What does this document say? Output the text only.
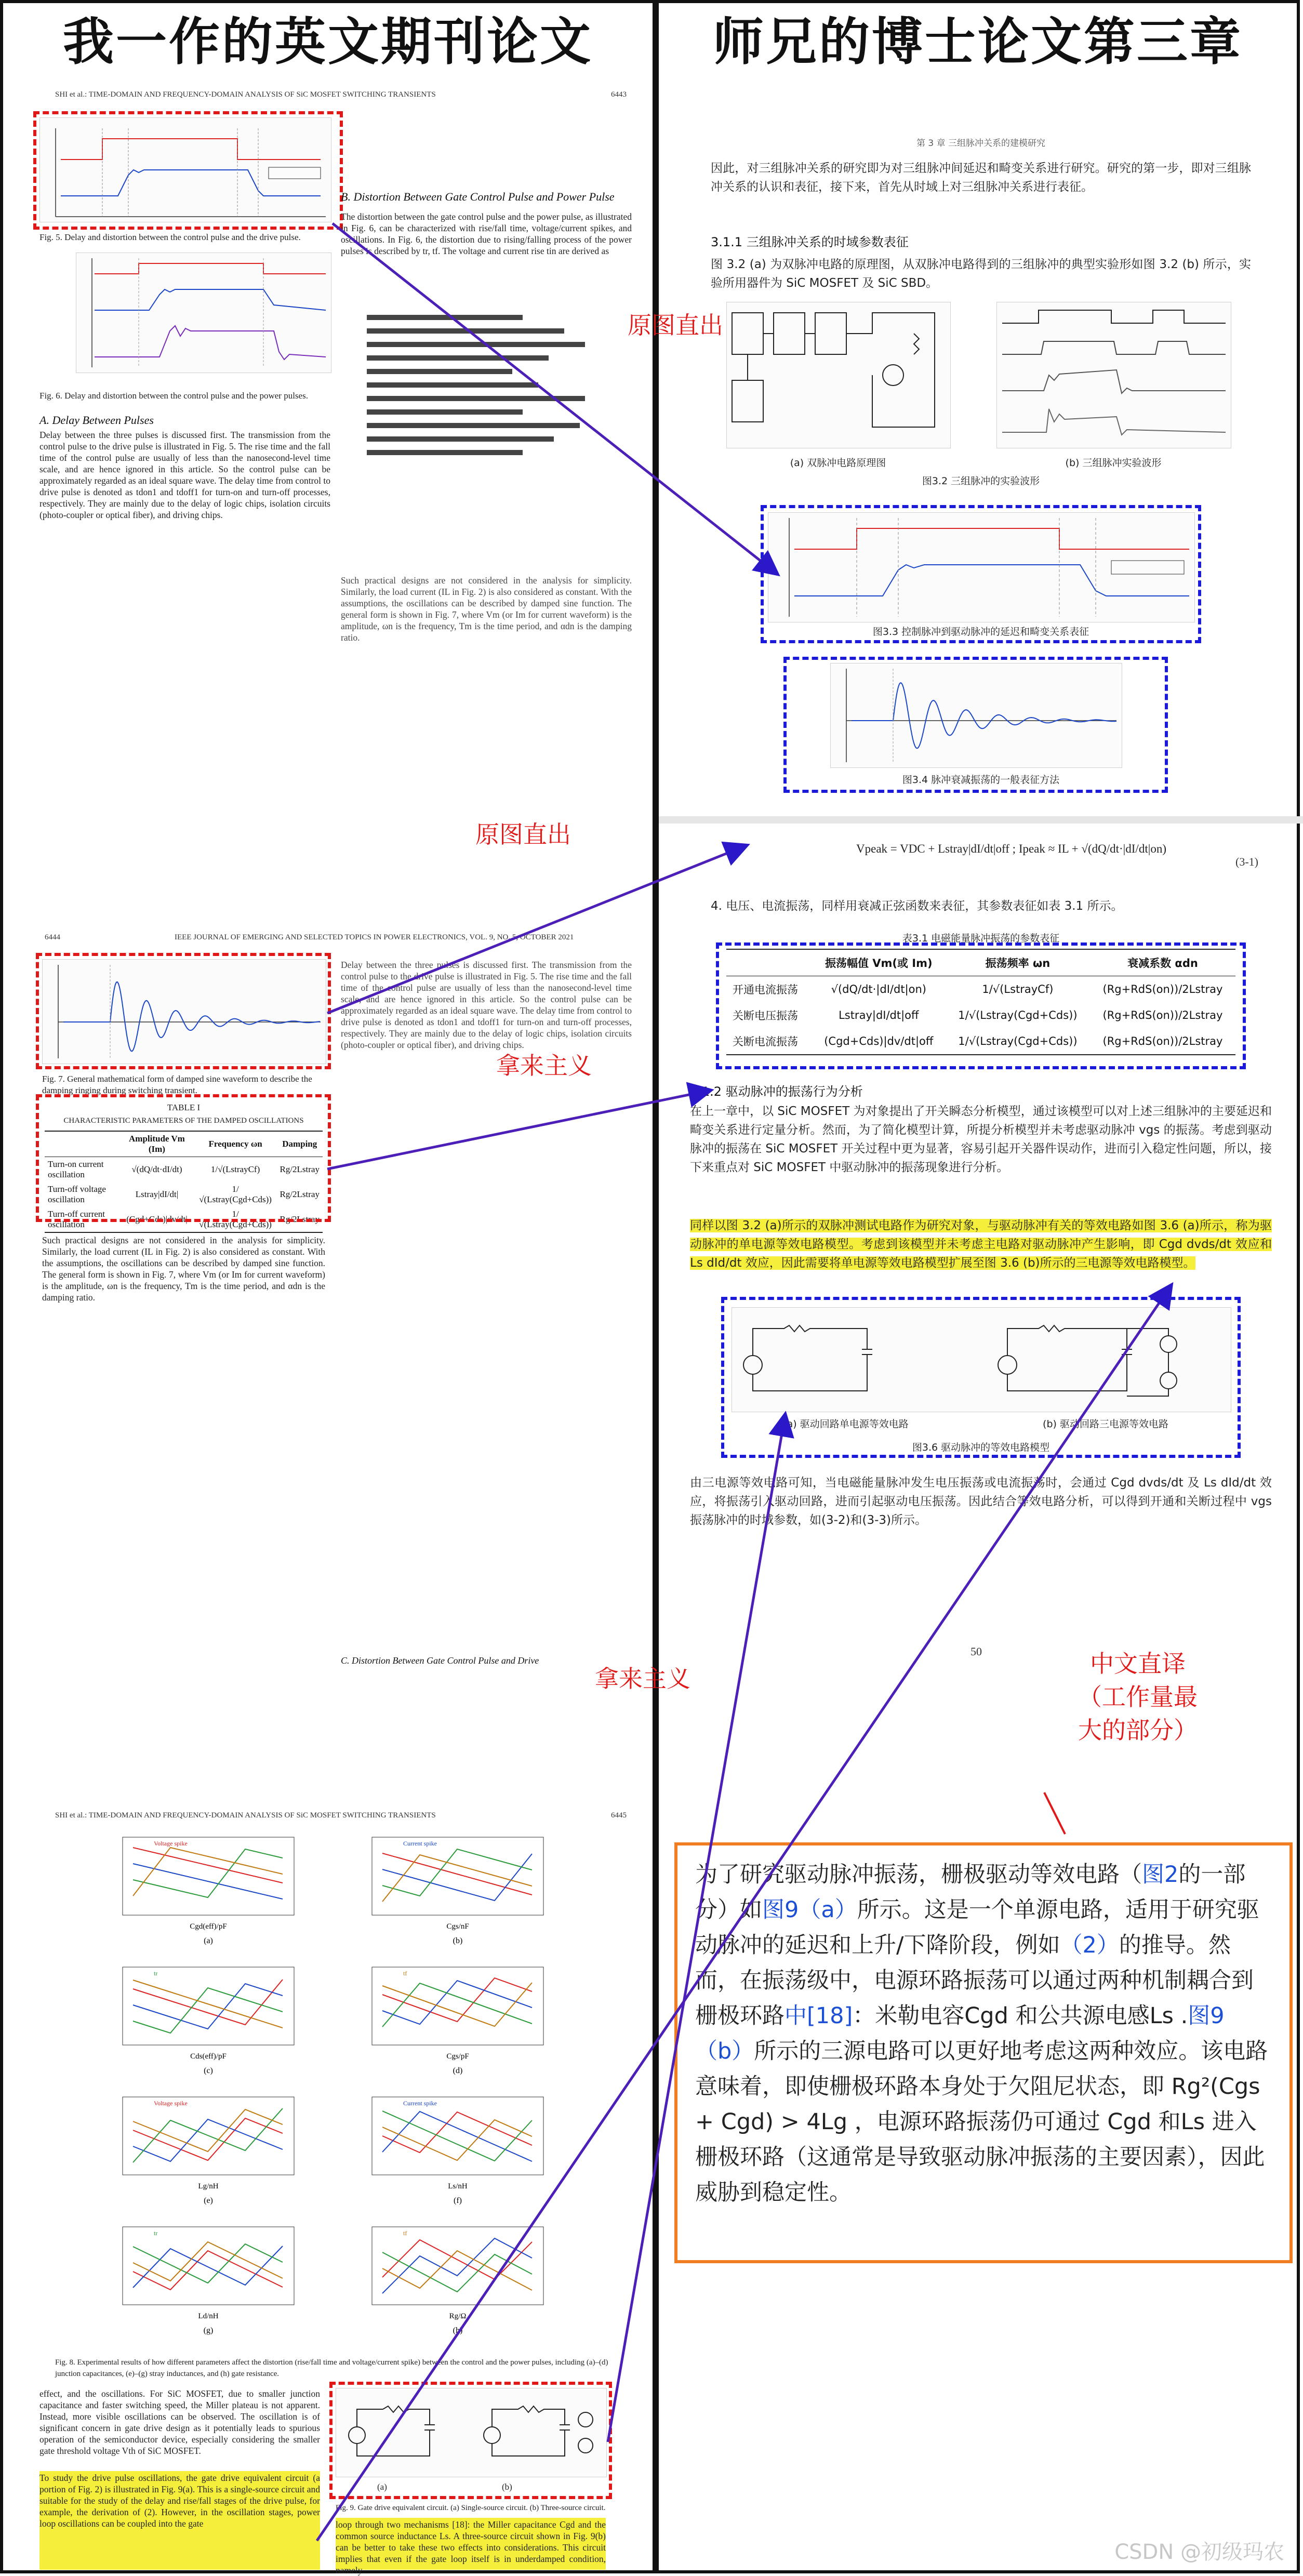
我一作的英文期刊论文
SHI et al.: TIME-DOMAIN AND FREQUENCY-DOMAIN ANALYSIS OF SiC MOSFET SWITCHING TRANSIENTS	6443
Fig. 5. Delay and distortion between the control pulse and the drive pulse.
Fig. 6. Delay and distortion between the control pulse and the power pulses.
A. Delay Between Pulses
Delay between the three pulses is discussed first. The transmission from the control pulse to the drive pulse is illustrated in Fig. 5. The rise time and the fall time of the control pulse are usually of less than the nanosecond-level time scale, and are hence ignored in this article. So the control pulse can be approximately regarded as an ideal square wave. The delay time from control to drive pulse is denoted as tdon1 and tdoff1 for turn-on and turn-off processes, respectively. They are mainly due to the delay of logic chips, isolation circuits (photo-coupler or optical fiber), and driving chips.
B. Distortion Between Gate Control Pulse and Power Pulse
The distortion between the gate control pulse and the power pulse, as illustrated in Fig. 6, can be characterized with rise/fall time, voltage/current spikes, and oscillations. In Fig. 6, the distortion due to rising/falling process of the power pulses is described by tr, tf. The voltage and current rise tin are derived as
Such practical designs are not considered in the analysis for simplicity. Similarly, the load current (IL in Fig. 2) is also considered as constant. With the assumptions, the oscillations can be described by damped sine function. The general form is shown in Fig. 7, where Vm (or Im for current waveform) is the amplitude, ωn is the frequency, Tm is the time period, and αdn is the damping ratio.
6444	IEEE JOURNAL OF EMERGING AND SELECTED TOPICS IN POWER ELECTRONICS, VOL. 9, NO. 5, OCTOBER 2021
Fig. 7. General mathematical form of damped sine waveform to describe the damping ringing during switching transient.
TABLE I
CHARACTERISTIC PARAMETERS OF THE DAMPED OSCILLATIONS
	Amplitude Vm (Im)	Frequency ωn	Damping
Turn-on current oscillation	√(dQ/dt·dI/dt)	1/√(LstrayCf)	Rg/2Lstray
Turn-off voltage oscillation	Lstray|dI/dt|	1/√(Lstray(Cgd+Cds))	Rg/2Lstray
Turn-off current oscillation	(Cgd+Cds)|dv/dt|	1/√(Lstray(Cgd+Cds))	Rg/2Lstray
Such practical designs are not considered in the analysis for simplicity. Similarly, the load current (IL in Fig. 2) is also considered as constant. With the assumptions, the oscillations can be described by damped sine function. The general form is shown in Fig. 7, where Vm (or Im for current waveform) is the amplitude, ωn is the frequency, Tm is the time period, and αdn is the damping ratio.
Delay between the three pulses is discussed first. The transmission from the control pulse to the drive pulse is illustrated in Fig. 5. The rise time and the fall time of the control pulse are usually of less than the nanosecond-level time scale, and are hence ignored in this article. So the control pulse can be approximately regarded as an ideal square wave. The delay time from control to drive pulse is denoted as tdon1 and tdoff1 for turn-on and turn-off processes, respectively. They are mainly due to the delay of logic chips, isolation circuits (photo-coupler or optical fiber), and driving chips.
C. Distortion Between Gate Control Pulse and Drive
SHI et al.: TIME-DOMAIN AND FREQUENCY-DOMAIN ANALYSIS OF SiC MOSFET SWITCHING TRANSIENTS	6445
Cgd(eff)/pF
(a)
Voltage spike
Cgs/nF
(b)
Current spike
Cds(eff)/pF
(c)
tr
Cgs/pF
(d)
tf
Lg/nH
(e)
Voltage spike
Ls/nH
(f)
Current spike
Ld/nH
(g)
tr
Rg/Ω
(h)
tf
Fig. 8. Experimental results of how different parameters affect the distortion (rise/fall time and voltage/current spike) between the control and the power pulses, including (a)–(d) junction capacitances, (e)–(g) stray inductances, and (h) gate resistance.
effect, and the oscillations. For SiC MOSFET, due to smaller junction capacitance and faster switching speed, the Miller plateau is not apparent. Instead, more visible oscillations can be observed. The oscillation is of significant concern in gate drive design as it potentially leads to spurious operation of the semiconductor device, especially considering the smaller gate threshold voltage Vth of SiC MOSFET.
To study the drive pulse oscillations, the gate drive equivalent circuit (a portion of Fig. 2) is illustrated in Fig. 9(a). This is a single-source circuit and suitable for the study of the delay and rise/fall stages of the drive pulse, for example, the derivation of (2). However, in the oscillation stages, power loop oscillations can be coupled into the gate
(a)	(b)
Fig. 9. Gate drive equivalent circuit. (a) Single-source circuit. (b) Three-source circuit.
loop through two mechanisms [18]: the Miller capacitance Cgd and the common source inductance Ls. A three-source circuit shown in Fig. 9(b) can be better to take these two effects into considerations. This circuit implies that even if the gate loop itself is in underdamped condition, namely
师兄的博士论文第三章
第 3 章 三组脉冲关系的建模研究
因此，对三组脉冲关系的研究即为对三组脉冲间延迟和畸变关系进行研究。研究的第一步，即对三组脉冲关系的认识和表征，接下来，首先从时域上对三组脉冲关系进行表征。
3.1.1 三组脉冲关系的时域参数表征
图 3.2 (a) 为双脉冲电路的原理图，从双脉冲电路得到的三组脉冲的典型实验形如图 3.2 (b) 所示，实验所用器件为 SiC MOSFET 及 SiC SBD。
(a) 双脉冲电路原理图	(b) 三组脉冲实验波形
图3.2 三组脉冲的实验波形
图3.3 控制脉冲到驱动脉冲的延迟和畸变关系表征
图3.4 脉冲衰减振荡的一般表征方法
Vpeak = VDC + Lstray|dI/dt|off ; Ipeak ≈ IL + √(dQ/dt·|dI/dt|on)
(3-1)
4. 电压、电流振荡，同样用衰减正弦函数来表征，其参数表征如表 3.1 所示。
表3.1 电磁能量脉冲振荡的参数表征
	振荡幅值 Vm(或 Im)	振荡频率 ωn	衰减系数 αdn
开通电流振荡	√(dQ/dt·|dI/dt|on)	1/√(LstrayCf)	(Rg+RdS(on))/2Lstray
关断电压振荡	Lstray|dI/dt|off	1/√(Lstray(Cgd+Cds))	(Rg+RdS(on))/2Lstray
关断电流振荡	(Cgd+Cds)|dv/dt|off	1/√(Lstray(Cgd+Cds))	(Rg+RdS(on))/2Lstray
3.1.2 驱动脉冲的振荡行为分析
在上一章中，以 SiC MOSFET 为对象提出了开关瞬态分析模型，通过该模型可以对上述三组脉冲的主要延迟和畸变关系进行定量分析。然而，为了简化模型计算，所提分析模型并未考虑驱动脉冲 vgs 的振荡。考虑到驱动脉冲的振荡在 SiC MOSFET 开关过程中更为显著，容易引起开关器件误动作，进而引入稳定性问题，所以，接下来重点对 SiC MOSFET 中驱动脉冲的振荡现象进行分析。
同样以图 3.2 (a)所示的双脉冲测试电路作为研究对象，与驱动脉冲有关的等效电路如图 3.6 (a)所示，称为驱动脉冲的单电源等效电路模型。考虑到该模型并未考虑主电路对驱动脉冲产生影响，即 Cgd dvds/dt 效应和 Ls dId/dt 效应，因此需要将单电源等效电路模型扩展至图 3.6 (b)所示的三电源等效电路模型。
(a) 驱动回路单电源等效电路	(b) 驱动回路三电源等效电路
图3.6 驱动脉冲的等效电路模型
由三电源等效电路可知，当电磁能量脉冲发生电压振荡或电流振荡时，会通过 Cgd dvds/dt 及 Ls dId/dt 效应，将振荡引入驱动回路，进而引起驱动电压振荡。因此结合等效电路分析，可以得到开通和关断过程中 vgs 振荡脉冲的时域参数，如(3-2)和(3-3)所示。
50
为了研究驱动脉冲振荡，栅极驱动等效电路（图2的一部分）如图9（a）所示。这是一个单源电路，适用于研究驱动脉冲的延迟和上升/下降阶段，例如（2）的推导。然而，在振荡级中，电源环路振荡可以通过两种机制耦合到栅极环路中[18]：米勒电容Cgd 和公共源电感Ls .图9（b）所示的三源电路可以更好地考虑这两种效应。该电路意味着，即使栅极环路本身处于欠阻尼状态，即 Rg²(Cgs + Cgd) > 4Lg ，电源环路振荡仍可通过 Cgd 和Ls 进入栅极环路（这通常是导致驱动脉冲振荡的主要因素），因此威胁到稳定性。
原图直出
原图直出
拿来主义
拿来主义
中文直译
（工作量最
大的部分）
CSDN @初级玛农
